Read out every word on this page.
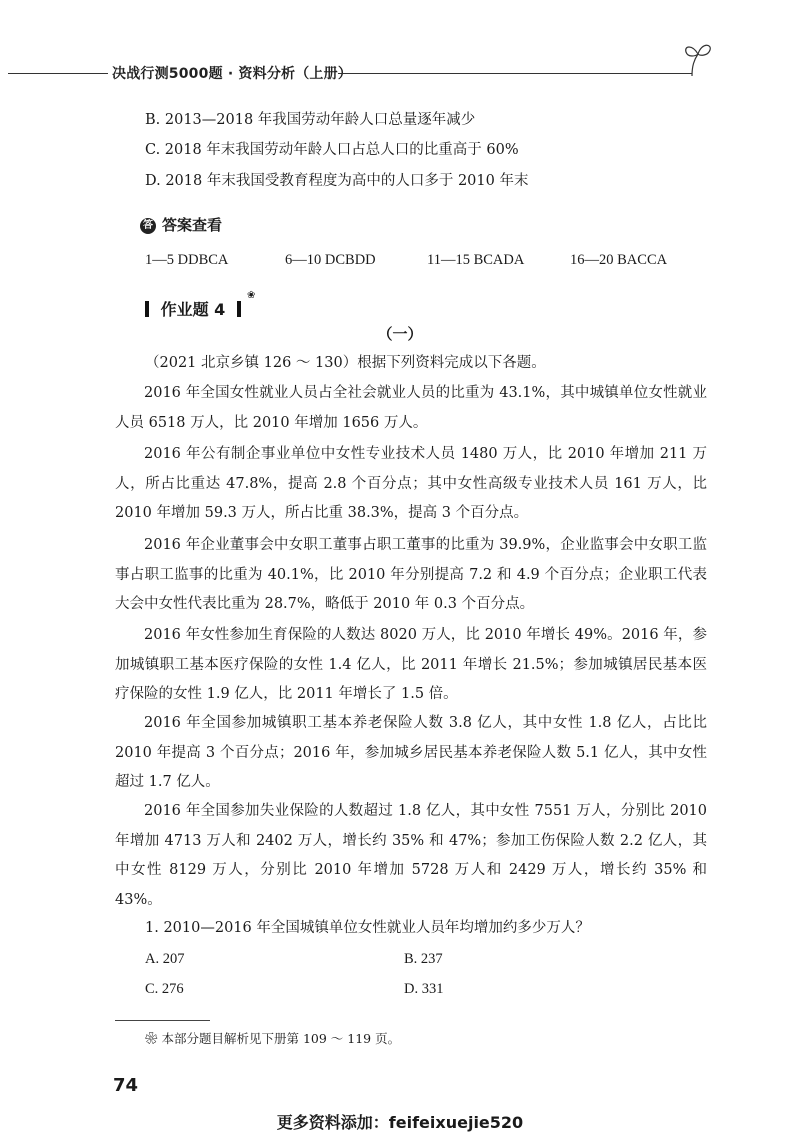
决战行测5000题 · 资料分析（上册）
B. 2013—2018 年我国劳动年龄人口总量逐年减少
C. 2018 年末我国劳动年龄人口占总人口的比重高于 60%
D. 2018 年末我国受教育程度为高中的人口多于 2010 年末
答 答案查看
1—5 DDBCA	6—10 DCBDD	11—15 BCADA	16—20 BACCA
作业题 4
❀
（一）
（2021 北京乡镇 126 ～ 130）根据下列资料完成以下各题。
2016 年全国女性就业人员占全社会就业人员的比重为 43.1%，其中城镇单位女性就业人员 6518 万人，比 2010 年增加 1656 万人。
2016 年公有制企事业单位中女性专业技术人员 1480 万人，比 2010 年增加 211 万人，所占比重达 47.8%，提高 2.8 个百分点；其中女性高级专业技术人员 161 万人，比 2010 年增加 59.3 万人，所占比重 38.3%，提高 3 个百分点。
2016 年企业董事会中女职工董事占职工董事的比重为 39.9%，企业监事会中女职工监事占职工监事的比重为 40.1%，比 2010 年分别提高 7.2 和 4.9 个百分点；企业职工代表大会中女性代表比重为 28.7%，略低于 2010 年 0.3 个百分点。
2016 年女性参加生育保险的人数达 8020 万人，比 2010 年增长 49%。2016 年，参加城镇职工基本医疗保险的女性 1.4 亿人，比 2011 年增长 21.5%；参加城镇居民基本医疗保险的女性 1.9 亿人，比 2011 年增长了 1.5 倍。
2016 年全国参加城镇职工基本养老保险人数 3.8 亿人，其中女性 1.8 亿人，占比比 2010 年提高 3 个百分点；2016 年，参加城乡居民基本养老保险人数 5.1 亿人，其中女性超过 1.7 亿人。
2016 年全国参加失业保险的人数超过 1.8 亿人，其中女性 7551 万人，分别比 2010 年增加 4713 万人和 2402 万人，增长约 35% 和 47%；参加工伤保险人数 2.2 亿人，其中女性 8129 万人，分别比 2010 年增加 5728 万人和 2429 万人，增长约 35% 和 43%。
1. 2010—2016 年全国城镇单位女性就业人员年均增加约多少万人？
A. 207	B. 237
C. 276	D. 331
❀ 本部分题目解析见下册第 109 ～ 119 页。
74
更多资料添加：feifeixuejie520
